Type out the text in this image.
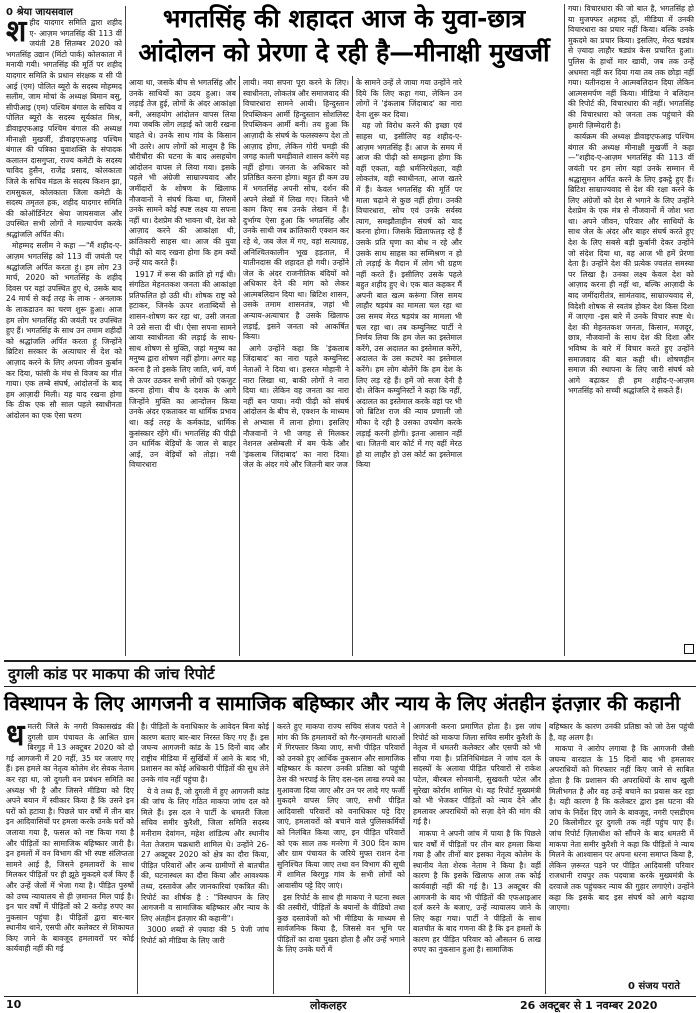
0 श्रेया जायसवाल	भगतसिंह की शहादत आज के युवा-छात्र
आंदोलन को प्रेरणा दे रही है—मीनाक्षी मुखर्जी
श हीद यादगार समिति द्वारा शहीद ए- आज़म भगतसिंह की 113 वीं जयंती 28 सितम्बर 2020 को भगतसिंह उद्यान (मिंटो पार्क) कोलकाता में मनायी गयी। भगतसिंह की मूर्ति पर शहीद यादगार समिति के प्रधान संरक्षक व सी पी आई (एम) पोलित ब्यूरो के सदस्य मोहम्मद सलीम, जाम मोचां के अध्यक्ष बिमान बसु, सीपीआइ (एम) पश्चिम बंगाल के सचिव व पोलित ब्यूरो के सदस्य सूर्यकांत मिश्र, डीवाइएफआइ पश्चिम बंगाल की अध्यक्ष मीनाक्षी मुखर्जी, डीवाइएफआइ पश्चिम बंगाल की पत्रिका युवाशक्ति के संपादक कलातन दासगुप्ता, राज्य कमेटी के सदस्य चाविद हुसैन, राजेंद्र प्रसाद, कोलकाता जिले के सचिव मंडल के सदस्य किशन झा, रामसुकल, कोलकाता जिला कमेटी के सदस्य तमृतल हक, शहीद यादगार समिति की कोऑर्डिनेटर श्रेया जायसवाल और उपस्थित सभी लोगों ने माल्यार्पण करके श्रद्धांजलि अर्पित की।

मोहम्मद सलीम ने कहा —"मैं शहीद-ए-आज़म भगतसिंह को 113 वीं जयंती पर श्रद्धांजलि अर्पित करता हूं। हम लोग 23 मार्च, 2020 को भगतसिंह के शहीद दिवस पर यहां उपस्थित हुए थे, उसके बाद 24 मार्च से कई तरह के लाक - अनलाक के लाकडाउन का चरण शुरू हुआ। आज हम लोग भगतसिंह की जयंती पर उपस्थित हुए हैं। भगतसिंह के साथ उन तमाम शहीदों को श्रद्धांजलि अर्पित करता हूं जिन्होंने ब्रिटिश सरकार के अत्याचार से देश को आज़ाद करने के लिए अपना जीवन कुर्बान कर दिया, फांसी के मंच से विजय का गीत गाया। एक लम्बे संघर्ष, आंदोलनों के बाद हम आज़ादी मिली। यह याद रखना होगा कि ठीक एक सौ साल पहले स्वाधीनता आंदोलन का एक ऐसा चरण

आया था, जसके बीच से भगतसिंह और उनके साथियों का उदय हुआ। जब लड़ाई तेज हुई, लोगों के अंदर आकांक्षा बनी, असहयोग आंदोलन वापस लिया गया जबकि लोग लड़ाई को जारी रखना चाहते थे। उनके साथ गांव के किसान भी उतरे। आप लोगों को मालूम है कि चौरीचौरा की घटना के बाद असहयोग आंदोलन वापस ले लिया गया। इसके पहले भी अंग्रेजी साम्राज्यवाद और जमींदारों के शोषण के खिलाफ नौजवानों ने संघर्ष किया था, जिसमें उनके सामने कोई स्पष्ट लक्ष्य या सपना नहीं था। देशप्रेम की भावना थी, देश को आज़ाद करने की आकांक्षा थी, क्रांतिकारी साहस था। आज की युवा पीढ़ी को याद रखना होगा कि हम क्यों उन्हें याद करते हैं।

1917 में रूस की क्रांति हो गई थी। संगठित मेहनतकश जनता की आकांक्षा प्रतिफलित हो उठी थी। शोषक राष्ट्र को हटाकर, जिनके ऊपर शताब्दियों से शासन-शोषण कर रहा था, उसी जनता ने उसे सत्ता दी थी। ऐसा सपना सामने आया स्वाधीनता की लड़ाई के साथ-साथ शोषण से मुक्ति, जहां मनुष्य का मनुष्य द्वारा शोषण नहीं होगा। अगर यह करना है तो इसके लिए जाति, धर्म, वर्ण से ऊपर उठकर सभी लोगों को एकजुट करना होगा। बीच के दशक के आगे जिन्होंने मुक्ति का आन्दोलन किया उनके अंदर एकताकर या धार्मिक प्रभाव था। कई तरह के कर्मकांड, धार्मिक कुसंस्कार रहेंगे थीं। भगतसिंह की पीढ़ी उन धार्मिक बेड़ियों के जाल से बाहर आई, उन बेड़ियों को तोड़ा। नयी विचारधारा

लायी। नया सपना पूरा करने के लिए। स्वाधीनता, लोकतंत्र और समाजवाद की विचारधारा सामने आयी। हिन्दुस्तान रिपब्लिकन आर्मी हिन्दुस्तान सोशलिस्ट रिपब्लिकन आर्मी बनी। तय हुआ कि आज़ादी के संघर्ष के फलस्वरूप देश तो आज़ाद होगा, लेकिन गोरी चमड़ी की जगह काली चमड़ीवाले शासन करेंगे यह नहीं होगा। जनता के अधिकार को प्रतिष्ठित करना होगा। बहुत ही कम उम्र में भगतसिंह अपनी सोच, दर्शन की अपने लेखों में लिख गए। जितने भी काम किए सब उनके लेखन में है। दुर्भाग्य ऐसा हुआ कि भगतसिंह और उनके साथी जब क्रांतिकारी एक्शन कर रहे थे, जब जेल में गए, वहां सत्याग्रह, अनिश्चितकालीन भूख हड़ताल, में यातीनदास की शहादत हो गयी। उन्होंने जेल के अंदर राजनीतिक बंदियों को अधिकार देने की मांग को लेकर आत्मबलिदान दिया था। ब्रिटिश शासन, उसके तमाम शासनतंत्र, जहां भी अन्याय-अत्याचार है उसके खिलाफ लड़ाई, इसने जनता को आकर्षित किया।

आगे उन्होंने कहा कि 'इंकलाब जिंदाबाद' का नारा पहले कम्युनिस्ट नेताओं ने दिया था। हसरत मोहानी ने नारा लिखा था, बाकी लोगों ने नारा दिया था। लेकिन वह जनता का नारा नहीं बन पाया। नयी पीढ़ी को संघर्ष आंदोलन के बीच से, एक्शन के माध्यम से अभ्यास में लाना होगा। इसलिए नौजवानों ने भी जगह से मिलकर नेशनल असेम्बली में बम फेंके और 'इंकलाब जिंदाबाद' का नारा दिया। जेल के अंदर गये और जितनी बार जज

के सामने उन्हें ले जाया गया उन्होंने नारे दिये कि लिए कहा गया, लेकिन उन लोगों ने 'इंकलाब जिंदाबाद' का नारा देना शुरू कर दिया।

यह जो विरोध करने की इच्छा एवं साहस था, इसीलिए वह शहीद-ए-आज़म भगतसिंह हैं। आज के समय में आज की पीढ़ी को समझना होगा कि वहीं एकता, वही धर्मनिरपेक्षता, वही लोकतंत्र, वही स्वाधीनता, आज खतरे में हैं। केवल भगतसिंह की मूर्ति पर माला चढ़ाने से कुछ नहीं होगा। उनकी विचारधारा, सोच एवं उनके सर्वस्व त्याग, समझौताहीन संघर्ष को याद करना होगा। जिसके खिलाफलड़ रहे हैं उसके प्रति घृणा का बोध न रहे और उसके साथ साहस का सम्मिश्रण न हो तो लड़ाई के मैदान में लोग भी ग्रहण नहीं करते हैं। इसीलिए उसके पहले बहुत शहीद हुए थे। एक बात कहकर मैं अपनी बात खत्म करूंगा जिस समय लाहौर षड़यंत्र का मामला चल रहा था उस समय मेरठ षड़यंत्र का मामला भी चल रहा था। तब कम्युनिस्ट पार्टी ने निर्णय लिया कि हम जेल का इस्तेमाल करेंगे, उस अदालत का इस्तेमाल करेंगे, अदालत के उस कटघरे का इस्तेमाल करेंगे। हम लोग बोलेंगे कि हम देश के लिए लड़ रहे हैं। हमें जो सजा देनी है दो। लेकिन कम्युनिस्टों ने कहा कि नहीं, अदालत का इस्तेमाल करके वहां पर भी जो ब्रिटिश राज की न्याय प्रणाली जो मौका दे रही है उसका उपयोग करके लड़ाई करनी होगी। इतना आसान नहीं था। जितनी बार कोर्ट में गए वहीं मेरठ हो या लाहौर हो उस कोर्ट का इस्तेमाल किया

गया। विचारधारा की जो बात है, भगतसिंह हो या मुजफ्फर अहमद हों, मीडिया में उनकी विचारधारा का प्रचार नहीं किया। बल्कि उनके मुकदमे का प्रचार किया। इसलिए, मेरठ षड्यंत्र से ज़्यादा लाहौर षड्यंत्र केस प्रचारित हुआ। पुलिस के हाथों मार खायी, जब तक उन्हें अधमरा नहीं कर दिया गया तब तक छोड़ा नहीं गया। यतीनदास ने आत्मबलिदान दिया लेकिन आत्मसमर्पण नहीं किया। मीडिया ने बलिदान की रिपोर्ट की, विचारधारा की नहीं। भगतसिंह की विचारधारा को जनता तक पहुंचाने की हमारी ज़िम्मेदारी है।

कार्यक्रम की अध्यक्ष डीवाइएफआइ पश्चिम बंगाल की अध्यक्ष मीनाक्षी मुखर्जी ने कहा —"शहीद-ए-आज़म भगतसिंह की 113 वीं जयंती पर हम लोग यहां उनके सम्मान में श्रद्धासुमन अर्पित करने के लिए इकट्ठे हुए हैं। ब्रिटिश साम्राज्यवाद से देश की रक्षा करने के लिए अंग्रेजों को देश से भगाने के लिए उन्होंने देशप्रेम के एक मंत्र से नौजवानों में जोश भरा था। अपने जीवन, परिवार और साथियों के साथ जेल के अंदर और बाहर संघर्ष करते हुए देश के लिए सबसे बड़ी कुर्बानी देकर उन्होंने जो संदेश दिया था, वह आज भी हमें प्रेरणा देता है। उन्होंने देश की प्रत्येक ज्वलंत समस्या पर लिखा है। उनका लक्ष्य केवल देश को आज़ाद करना ही नहीं था, बल्कि आज़ादी के बाद जमींदारीतंत्र, सामंतवाद, साम्राज्यवाद से, विदेशी शोषक से स्वतंत्र होकर देश किस दिशा में जाएगा -इस बारे में उनके विचार स्पष्ट थे। देश की मेहनतकश जनता, किसान, मजदूर, छात्र, नौजवानों के साथ देश की दिशा और भविष्य के बारे में विचार करते हुए उन्होंने समाजवाद की बात कही थी। शोषणहीन समाज की स्थापना के लिए जारी संघर्ष को आगे बढ़ाकर ही हम शहीद-ए-आज़म भगतसिंह को सच्ची श्रद्धांजलि दे सकते हैं।

दुगली कांड पर माकपा की जांच रिपोर्ट
विस्थापन के लिए आगजनी व सामाजिक बहिष्कार और न्याय के लिए अंतहीन इंतज़ार की कहानी
ध मतरी जिले के नगरी विकासखंड की दुगली ग्राम पंचायत के आश्रित ग्राम बिरगुड़ में 13 अक्टूबर 2020 को दो गई आगजनी में 20 नहीं, 35 घर जलाए गए हैं। इस हमले का नेतृत्व कोलेम शेर सेवक नेताम कर रहा था, जो दुगली वन प्रबंधन समिति का अध्यक्ष भी है और जिसने मीडिया को दिए अपने बयान में स्वीकार किया है कि उसने इन घरों को हटाया है। पिछले चार वर्षों में तीन बार इन आदिवासियों पर हमला करके उनके घरों को जलाया गया है, फसल को नष्ट किया गया है और पीड़ितों का सामाजिक बहिष्कार जारी है। इन हमलों में वन विभाग की भी स्पष्ट संलिप्तता सामने आई है, जिसने हमलावरों के साथ मिलकर पीड़ितों पर ही झूठे मुकदमे दर्ज किए हैं और उन्हें जेलों में भेजा गया है। पीड़ित पुरुषों को उच्च न्यायालय से ही ज़मानत मिल पाई है। इन चार वर्षों में पीड़ितों को 2 करोड़ रुपए का नुकसान पहुंचा है। पीड़ितों द्वारा बार-बार स्थानीय थाने, एसपी और कलेक्टर से शिकायत किए जाने के बावजूद हमलावरों पर कोई कार्यवाही नहीं की गई

है। पीड़ितों के वनाधिकार के आवेदन बिना कोई कारण बताए बार-बार निरस्त किए गए हैं। इस जघन्य आगजनी कांड के 15 दिनों बाद और राष्ट्रीय मीडिया में सुर्खियों में आने के बाद भी, प्रशासन का कोई अधिकारी पीड़ितों की सुध लेने उनके गांव नहीं पहुंचा है।

ये वे तथ्य हैं, जो दुगली में हुए आगजनी कांड की जांच के लिए गठित माकपा जांच दल को मिले हैं। इस दल ने पार्टी के धमतरी जिला सचिव समीर कुरैशी, जिला समिति सदस्य मनीराम देवांगन, महेश शांडिल्य और स्थानीय नेता तेजराम चक्रधारी शामिल थे। उन्होंने 26-27 अक्टूबर 2020 को क्षेत्र का दौरा किया, पीड़ित परिवारों और अन्य ग्रामीणों से बातचीत की, घटनास्थल का दौरा किया और आवश्यक तथ्य, दस्तावेज और जानकारियां एकत्रित की। रिपोर्ट का शीर्षक है : "विस्थापन के लिए आगजनी व सामाजिक बहिष्कार और न्याय के लिए अंतहीन इंतज़ार की कहानी"।

3000 शब्दों से ज़्यादा की 5 पेजी जांच रिपोर्ट को मीडिया के लिए जारी

करते हुए माकपा राज्य सचिव संजय पराते ने मांग की कि हमलावरों को गैर-ज़मानती धाराओं में गिरफ्तार किया जाए, सभी पीड़ित परिवारों को उनको हुए आर्थिक नुकसान और सामाजिक बहिष्कार के कारण उनकी प्रतिष्ठा को पहुंची ठेस की भरपाई के लिए दस-दस लाख रुपये का मुआवजा दिया जाए और उन पर लादे गए फर्जी मुकदमे वापस लिए जाएं, सभी पीड़ित आदिवासी परिवारों को वनाधिकार पट्टे दिए जाएं, हमलावरों को बचाने वाले पुलिसकर्मियों को निलंबित किया जाए, इन पीड़ित परिवारों को एक साल तक मनरेगा में 300 दिन काम और ग्राम पंचायत के जरिये मुफ्त राशन देना सुनिश्चित किया जाए तथा वन विभाग की सूची में शामिल बिरगुड़ गांव के सभी लोगों को आवासीय पट्टे दिए जाएं।

इस रिपोर्ट के साथ ही माकपा ने घटना स्थल की तस्वीरों, पीड़ितों के बयानों के वीडियो तथा कुछ दस्तावेजों को भी मीडिया के माध्यम से सार्वजनिक किया है, जिससे वन भूमि पर पीड़ितों का दावा पुख्ता होता है और उन्हें भगाने के लिए उनके घरों में

आगजनी करना प्रमाणित होता है। इस जांच रिपोर्ट को माकपा जिला सचिव समीर कुरैशी के नेतृत्व में धमतरी कलेक्टर और एसपी को भी सौंपा गया है। प्रतिनिधिमंडल ने जांच दल के सदस्यों के अलावा पीड़ित परिवारों से राकेश पटेल, बीरबल सोनवानी, सुखवती पटेल और सुरेखा कोर्राम शामिल थे। यह रिपोर्ट मुख्यमंत्री को भी भेजकर पीड़ितों को न्याय देने और हमलावर अपराधियों को सज़ा देने की मांग की गई है।

माकपा ने अपनी जांच में पाया है कि पिछले चार वर्षों में पीड़ितों पर तीन बार हमला किया गया है और तीनों बार इसका नेतृत्व कोलेम के स्थानीय नेता शेरक नेताम ने किया है। वहीं कारण है कि इसके खिलाफ आज तक कोई कार्यवाही नहीं की गई है। 13 अक्टूबर की आगजनी के बाद भी पीड़ितों की एफआइआर दर्ज करने के बजाए, उन्हें न्यायालय जाने के लिए कहा गया। पार्टी ने पीड़ितों के साथ बातचीत के बाद गणना की है कि इन हमलों के कारण हर पीड़ित परिवार को औसतन 6 लाख रुपए का नुकसान हुआ है। सामाजिक

बहिष्कार के कारण उनकी प्रतिष्ठा को जो ठेस पहुंची है, वह अलग है।

माकपा ने आरोप लगाया है कि आगजनी जैसी जघन्य वारदात के 15 दिनों बाद भी हमलावर अपराधियों को गिरफ्तार नहीं किए जाने से साबित होता है कि प्रशासन की अपराधियों के साथ खुली मिलीभगत है और वह उन्हें बचाने का प्रयास कर रहा है। यही कारण है कि कलेक्टर द्वारा इस घटना की जांच के निर्देश दिए जाने के बावजूद, नगरी एसडीएम 20 किलोमीटर दूर दुगली तक नहीं पहुंच पाए हैं। जांच रिपोर्ट ज़िलाधीश को सौंपने के बाद धमतरी में माकपा नेता समीर कुरैशी ने कहा कि पीड़ितों ने न्याय मिलने के आश्वासन पर अपना धरना समाप्त किया है, लेकिन ज़रूरत पड़ने पर पीड़ित आदिवासी परिवार राजधानी रायपुर तक पदयात्रा करके मुख्यमंत्री के दरवाजे तक पहुंचकर न्याय की गुहार लगाएंगे। उन्होंने कहा कि इसके बाद इस संघर्ष को आगे बढ़ाया जाएगा।

0 संजय पराते
10	लोकलहर	26 अक्टूबर से 1 नवम्बर 2020
